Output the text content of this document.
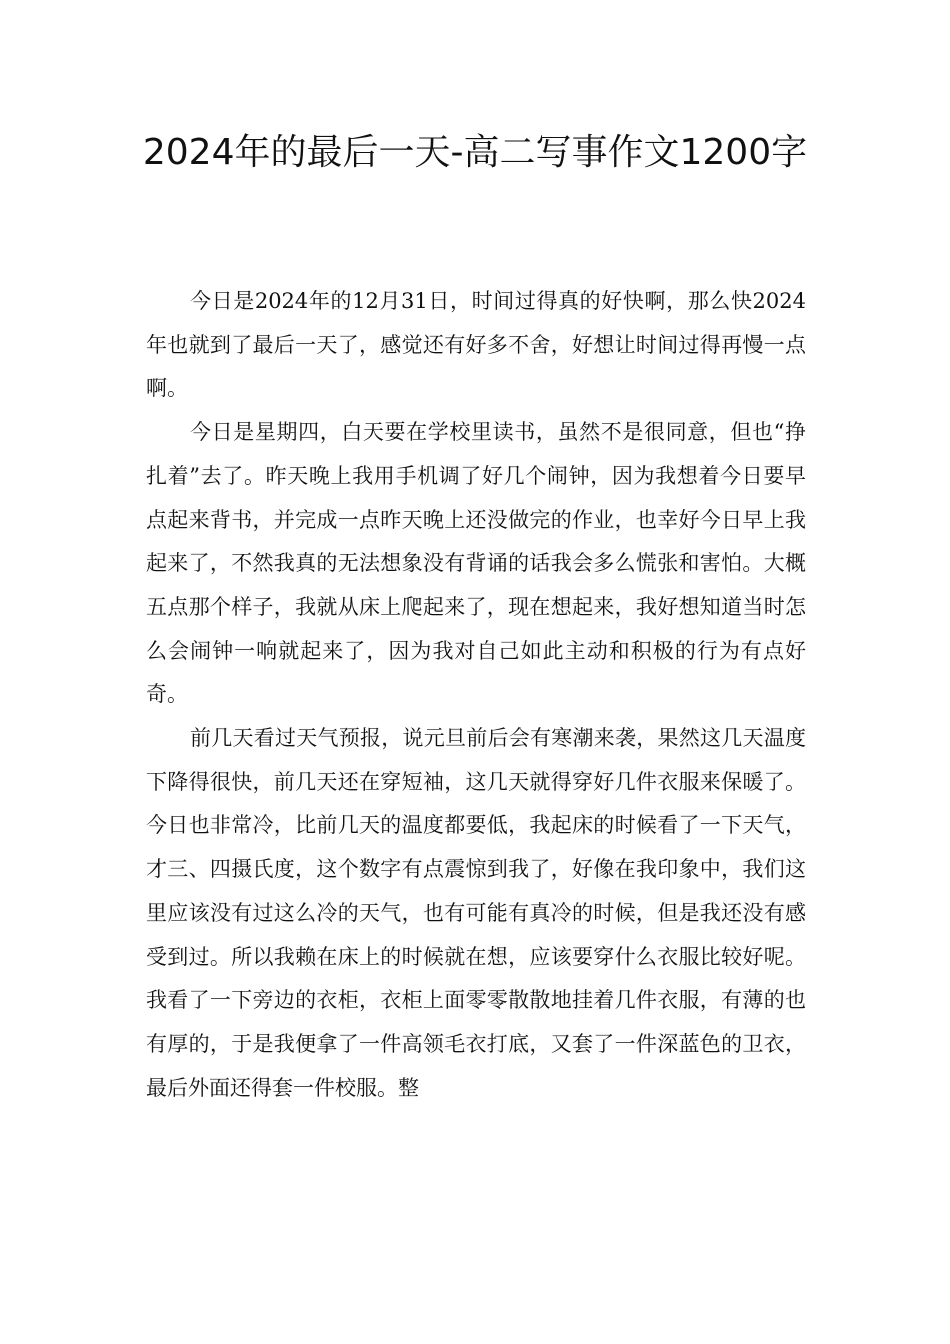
2024年的最后一天-高二写事作文1200字

今日是2024年的12月31日，时间过得真的好快啊，那么快2024年也就到了最后一天了，感觉还有好多不舍，好想让时间过得再慢一点啊。

今日是星期四，白天要在学校里读书，虽然不是很同意，但也“挣扎着”去了。昨天晚上我用手机调了好几个闹钟，因为我想着今日要早点起来背书，并完成一点昨天晚上还没做完的作业，也幸好今日早上我起来了，不然我真的无法想象没有背诵的话我会多么慌张和害怕。大概五点那个样子，我就从床上爬起来了，现在想起来，我好想知道当时怎么会闹钟一响就起来了，因为我对自己如此主动和积极的行为有点好奇。

前几天看过天气预报，说元旦前后会有寒潮来袭，果然这几天温度下降得很快，前几天还在穿短袖，这几天就得穿好几件衣服来保暖了。今日也非常冷，比前几天的温度都要低，我起床的时候看了一下天气，才三、四摄氏度，这个数字有点震惊到我了，好像在我印象中，我们这里应该没有过这么冷的天气，也有可能有真冷的时候，但是我还没有感受到过。所以我赖在床上的时候就在想，应该要穿什么衣服比较好呢。我看了一下旁边的衣柜，衣柜上面零零散散地挂着几件衣服，有薄的也有厚的，于是我便拿了一件高领毛衣打底，又套了一件深蓝色的卫衣，最后外面还得套一件校服。整
